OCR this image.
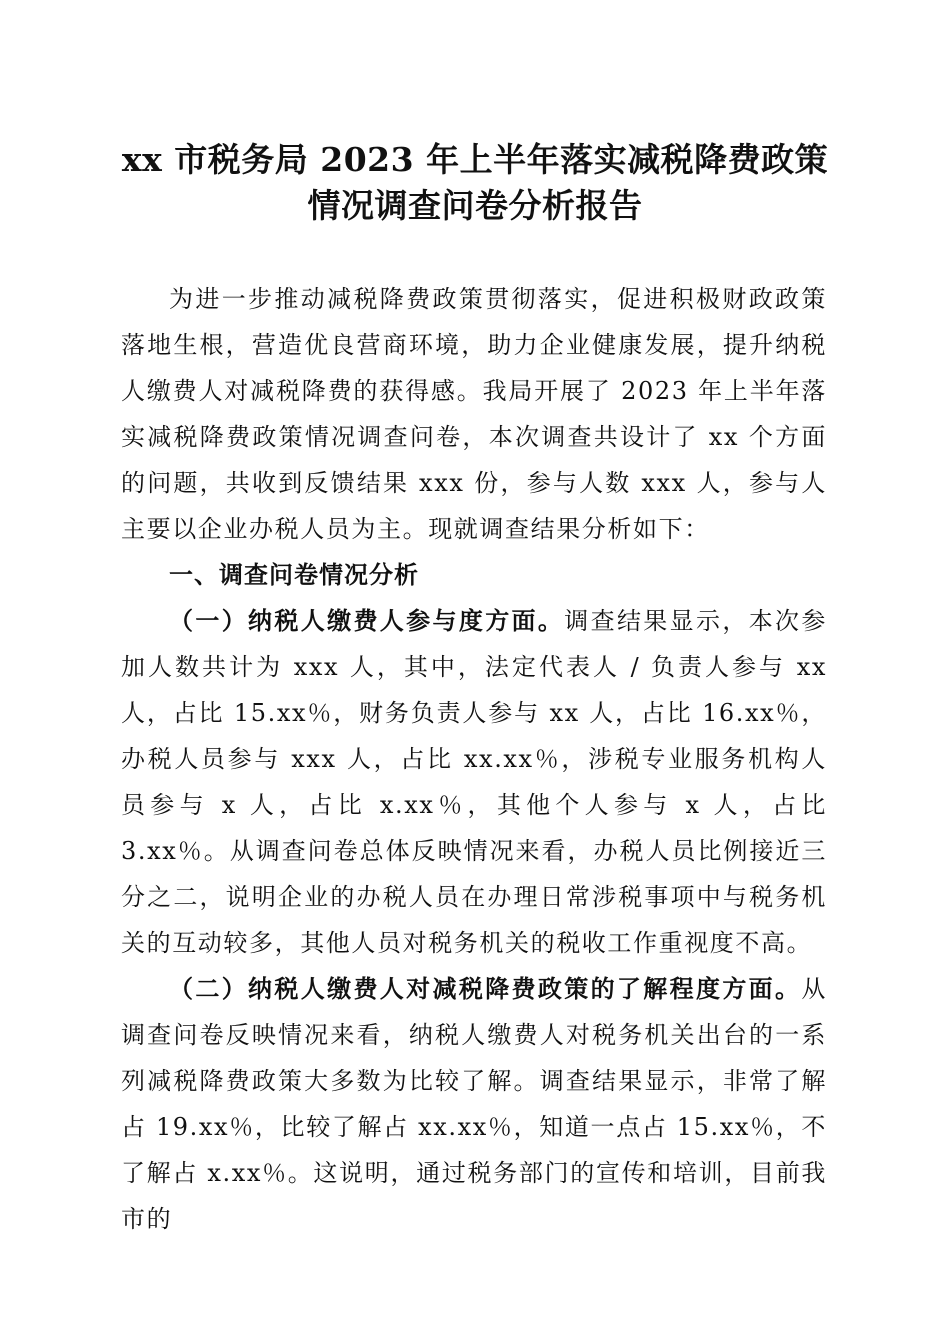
xx 市税务局 2023 年上半年落实减税降费政策
情况调查问卷分析报告

为进一步推动减税降费政策贯彻落实，促进积极财政政策落地生根，营造优良营商环境，助力企业健康发展，提升纳税人缴费人对减税降费的获得感。我局开展了 2023 年上半年落实减税降费政策情况调查问卷，本次调查共设计了 xx 个方面的问题，共收到反馈结果 xxx 份，参与人数 xxx 人，参与人主要以企业办税人员为主。现就调查结果分析如下：

一、调查问卷情况分析

（一）纳税人缴费人参与度方面。调查结果显示，本次参加人数共计为 xxx 人，其中，法定代表人 / 负责人参与 xx 人，占比 15.xx％，财务负责人参与 xx 人，占比 16.xx％，办税人员参与 xxx 人，占比 xx.xx％，涉税专业服务机构人员参与 x 人，占比 x.xx％，其他个人参与 x 人，占比 3.xx％。从调查问卷总体反映情况来看，办税人员比例接近三分之二，说明企业的办税人员在办理日常涉税事项中与税务机关的互动较多，其他人员对税务机关的税收工作重视度不高。

（二）纳税人缴费人对减税降费政策的了解程度方面。从调查问卷反映情况来看，纳税人缴费人对税务机关出台的一系列减税降费政策大多数为比较了解。调查结果显示，非常了解占 19.xx％，比较了解占 xx.xx％，知道一点占 15.xx％，不了解占 x.xx％。这说明，通过税务部门的宣传和培训，目前我市的
